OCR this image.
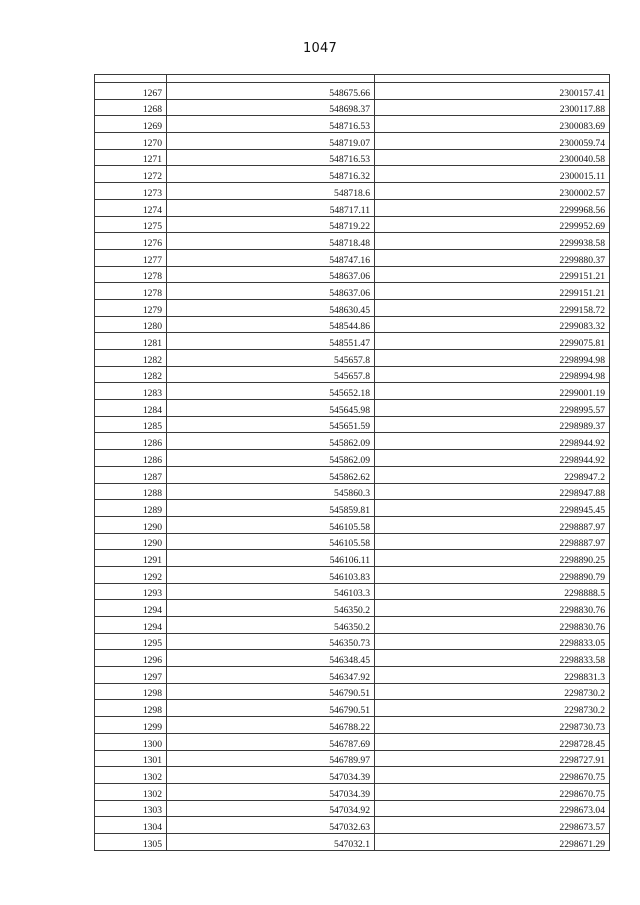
1047

1267	548675.66	2300157.41
1268	548698.37	2300117.88
1269	548716.53	2300083.69
1270	548719.07	2300059.74
1271	548716.53	2300040.58
1272	548716.32	2300015.11
1273	548718.6	2300002.57
1274	548717.11	2299968.56
1275	548719.22	2299952.69
1276	548718.48	2299938.58
1277	548747.16	2299880.37
1278	548637.06	2299151.21
1278	548637.06	2299151.21
1279	548630.45	2299158.72
1280	548544.86	2299083.32
1281	548551.47	2299075.81
1282	545657.8	2298994.98
1282	545657.8	2298994.98
1283	545652.18	2299001.19
1284	545645.98	2298995.57
1285	545651.59	2298989.37
1286	545862.09	2298944.92
1286	545862.09	2298944.92
1287	545862.62	2298947.2
1288	545860.3	2298947.88
1289	545859.81	2298945.45
1290	546105.58	2298887.97
1290	546105.58	2298887.97
1291	546106.11	2298890.25
1292	546103.83	2298890.79
1293	546103.3	2298888.5
1294	546350.2	2298830.76
1294	546350.2	2298830.76
1295	546350.73	2298833.05
1296	546348.45	2298833.58
1297	546347.92	2298831.3
1298	546790.51	2298730.2
1298	546790.51	2298730.2
1299	546788.22	2298730.73
1300	546787.69	2298728.45
1301	546789.97	2298727.91
1302	547034.39	2298670.75
1302	547034.39	2298670.75
1303	547034.92	2298673.04
1304	547032.63	2298673.57
1305	547032.1	2298671.29
